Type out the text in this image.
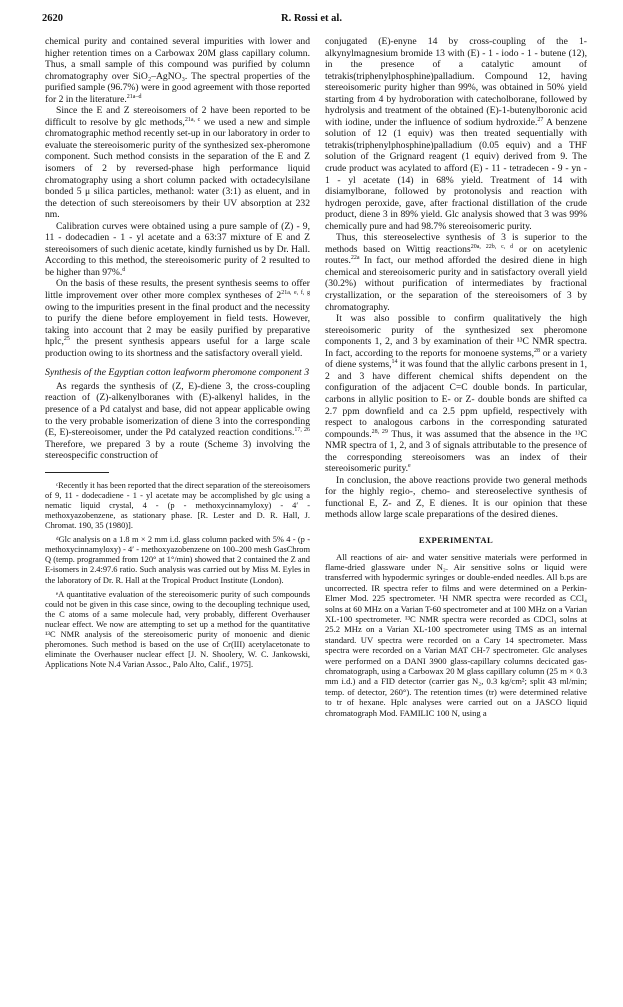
2620	R. Rossi et al.

chemical purity and contained several impurities with lower and higher retention times on a Carbowax 20M glass capillary column. Thus, a small sample of this compound was purified by column chromatography over SiO₂–AgNO₃. The spectral properties of the purified sample (96.7%) were in good agreement with those reported for 2 in the literature.$^{21a-d}$

Since the E and Z stereoisomers of 2 have been reported to be difficult to resolve by glc methods,$^{21a, c}$ we used a new and simple chromatographic method recently set-up in our laboratory in order to evaluate the stereoisomeric purity of the synthesized sex-pheromone component. Such method consists in the separation of the E and Z isomers of 2 by reversed-phase high performance liquid chromatography using a short column packed with octadecylsilane bonded 5 μ silica particles, methanol: water (3:1) as eluent, and in the detection of such stereoisomers by their UV absorption at 232 nm.

Calibration curves were obtained using a pure sample of (Z) - 9, 11 - dodecadien - 1 - yl acetate and a 63:37 mixture of E and Z stereoisomers of such dienic acetate, kindly furnished us by Dr. Hall. According to this method, the stereoisomeric purity of 2 resulted to be higher than 97%.$^d$

On the basis of these results, the present synthesis seems to offer little improvement over other more complex syntheses of $2^{21a, e, f, g}$ owing to the impurities present in the final product and the necessity to purify the diene before employement in field tests. However, taking into account that 2 may be easily purified by preparative hplc,$^{25}$ the present synthesis appears useful for a large scale production owing to its shortness and the satisfactory overall yield.

Synthesis of the Egyptian cotton leafworm pheromone component 3

As regards the synthesis of (Z, E)-diene 3, the cross-coupling reaction of (Z)-alkenylboranes with (E)-alkenyl halides, in the presence of a Pd catalyst and base, did not appear applicable owing to the very probable isomerization of diene 3 into the corresponding (E, E)-stereoisomer, under the Pd catalyzed reaction conditions.$^{17, 26}$ Therefore, we prepared 3 by a route (Scheme 3) involving the stereospecific construction of

ᶜRecently it has been reported that the direct separation of the stereoisomers of 9, 11 - dodecadiene - 1 - yl acetate may be accomplished by glc using a nematic liquid crystal, 4 - (p - methoxycinnamyloxy) - 4′ - methoxyazobenzene, as stationary phase. [R. Lester and D. R. Hall, J. Chromat. 190, 35 (1980)].

ᵈGlc analysis on a 1.8 m × 2 mm i.d. glass column packed with 5% 4 - (p - methoxycinnamyloxy) - 4′ - methoxyazobenzene on 100–200 mesh GasChrom Q (temp. programmed from 120° at 1°/min) showed that 2 contained the Z and E-isomers in 2.4:97.6 ratio. Such analysis was carried out by Miss M. Eyles in the laboratory of Dr. R. Hall at the Tropical Product Institute (London).

ᵉA quantitative evaluation of the stereoisomeric purity of such compounds could not be given in this case since, owing to the decoupling technique used, the C atoms of a same molecule had, very probably, different Overhauser nuclear effect. We now are attempting to set up a method for the quantitative ¹³C NMR analysis of the stereoisomeric purity of monoenic and dienic pheromones. Such method is based on the use of Cr(III) acetylacetonate to eliminate the Overhauser nuclear effect [J. N. Shoolery, W. C. Jankowski, Applications Note N.4 Varian Assoc., Palo Alto, Calif., 1975].

conjugated (E)-enyne 14 by cross-coupling of the 1-alkynylmagnesium bromide 13 with (E) - 1 - iodo - 1 - butene (12), in the presence of a catalytic amount of tetrakis(triphenylphosphine)palladium. Compound 12, having stereoisomeric purity higher than 99%, was obtained in 50% yield starting from 4 by hydroboration with catecholborane, followed by hydrolysis and treatment of the obtained (E)-1-butenylboronic acid with iodine, under the influence of sodium hydroxide.$^{27}$ A benzene solution of 12 (1 equiv) was then treated sequentially with tetrakis(triphenylphosphine)palladium (0.05 equiv) and a THF solution of the Grignard reagent (1 equiv) derived from 9. The crude product was acylated to afford (E) - 11 - tetradecen - 9 - yn - 1 - yl acetate (14) in 68% yield. Treatment of 14 with disiamylborane, followed by protonolysis and reaction with hydrogen peroxide, gave, after fractional distillation of the crude product, diene 3 in 89% yield. Glc analysis showed that 3 was 99% chemically pure and had 98.7% stereoisomeric purity.

Thus, this stereoselective synthesis of 3 is superior to the methods based on Wittig reactions$^{20a, 22b, c, d}$ or on acetylenic routes.$^{22a}$ In fact, our method afforded the desired diene in high chemical and stereoisomeric purity and in satisfactory overall yield (30.2%) without purification of intermediates by fractional crystallization, or the separation of the stereoisomers of 3 by chromatography.

It was also possible to confirm qualitatively the high stereoisomeric purity of the synthesized sex pheromone components 1, 2, and 3 by examination of their ¹³C NMR spectra. In fact, according to the reports for monoene systems,$^{28}$ or a variety of diene systems,$^{14}$ it was found that the allylic carbons present in 1, 2 and 3 have different chemical shifts dependent on the configuration of the adjacent C=C double bonds. In particular, carbons in allylic position to E- or Z- double bonds are shifted ca 2.7 ppm downfield and ca 2.5 ppm upfield, respectively with respect to analogous carbons in the corresponding saturated compounds.$^{28, 29}$ Thus, it was assumed that the absence in the ¹³C NMR spectra of 1, 2, and 3 of signals attributable to the presence of the corresponding stereoisomers was an index of their stereoisomeric purity.$^e$

In conclusion, the above reactions provide two general methods for the highly regio-, chemo- and stereoselective synthesis of functional E, Z- and Z, E dienes. It is our opinion that these methods allow large scale preparations of the desired dienes.

EXPERIMENTAL

All reactions of air- and water sensitive materials were performed in flame-dried glassware under N₂. Air sensitive solns or liquid were transferred with hypodermic syringes or double-ended needles. All b.ps are uncorrected. IR spectra refer to films and were determined on a Perkin-Elmer Mod. 225 spectrometer. ¹H NMR spectra were recorded as CCl₄ solns at 60 MHz on a Varian T-60 spectrometer and at 100 MHz on a Varian XL-100 spectrometer. ¹³C NMR spectra were recorded as CDCl₃ solns at 25.2 MHz on a Varian XL-100 spectrometer using TMS as an internal standard. UV spectra were recorded on a Cary 14 spectrometer. Mass spectra were recorded on a Varian MAT CH-7 spectrometer. Glc analyses were performed on a DANI 3900 glass-capillary columns decicated gas-chromatograph, using a Carbowax 20 M glass capillary column (25 m × 0.3 mm i.d.) and a FID detector (carrier gas N₂, 0.3 kg/cm²; split 43 ml/min; temp. of detector, 260°). The retention times (tr) were determined relative to tr of hexane. Hplc analyses were carried out on a JASCO liquid chromatograph Mod. FAMILIC 100 N, using a
